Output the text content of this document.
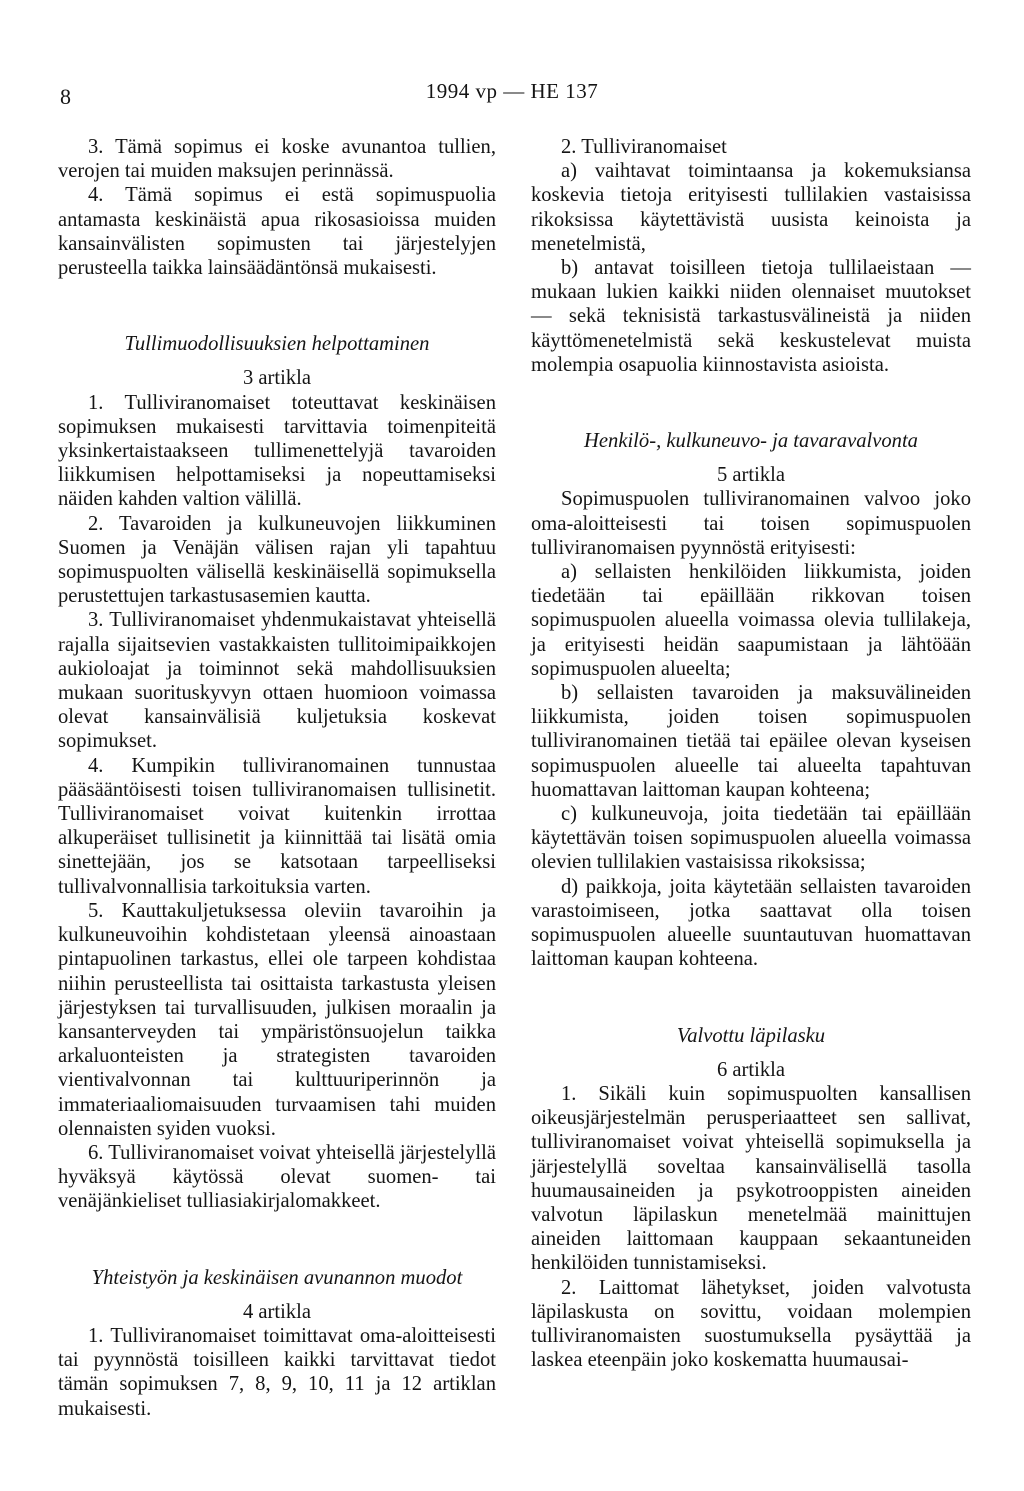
8	1994 vp — HE 137

3. Tämä sopimus ei koske avunantoa tullien, verojen tai muiden maksujen perinnässä.

4. Tämä sopimus ei estä sopimuspuolia antamasta keskinäistä apua rikosasioissa muiden kansainvälisten sopimusten tai järjestelyjen perusteella taikka lainsäädäntönsä mukaisesti.

Tullimuodollisuuksien helpottaminen

3 artikla

1. Tulliviranomaiset toteuttavat keskinäisen sopimuksen mukaisesti tarvittavia toimenpiteitä yksinkertaistaakseen tullimenettelyjä tavaroiden liikkumisen helpottamiseksi ja nopeuttamiseksi näiden kahden valtion välillä.

2. Tavaroiden ja kulkuneuvojen liikkuminen Suomen ja Venäjän välisen rajan yli tapahtuu sopimuspuolten välisellä keskinäisellä sopimuksella perustettujen tarkastusasemien kautta.

3. Tulliviranomaiset yhdenmukaistavat yhteisellä rajalla sijaitsevien vastakkaisten tullitoimipaikkojen aukioloajat ja toiminnot sekä mahdollisuuksien mukaan suorituskyvyn ottaen huomioon voimassa olevat kansainvälisiä kuljetuksia koskevat sopimukset.

4. Kumpikin tulliviranomainen tunnustaa pääsääntöisesti toisen tulliviranomaisen tullisinetit. Tulliviranomaiset voivat kuitenkin irrottaa alkuperäiset tullisinetit ja kiinnittää tai lisätä omia sinettejään, jos se katsotaan tarpeelliseksi tullivalvonnallisia tarkoituksia varten.

5. Kauttakuljetuksessa oleviin tavaroihin ja kulkuneuvoihin kohdistetaan yleensä ainoastaan pintapuolinen tarkastus, ellei ole tarpeen kohdistaa niihin perusteellista tai osittaista tarkastusta yleisen järjestyksen tai turvallisuuden, julkisen moraalin ja kansanterveyden tai ympäristönsuojelun taikka arkaluonteisten ja strategisten tavaroiden vientivalvonnan tai kulttuuriperinnön ja immateriaaliomaisuuden turvaamisen tahi muiden olennaisten syiden vuoksi.

6. Tulliviranomaiset voivat yhteisellä järjestelyllä hyväksyä käytössä olevat suomen- tai venäjänkieliset tulliasiakirjalomakkeet.

Yhteistyön ja keskinäisen avunannon muodot

4 artikla

1. Tulliviranomaiset toimittavat oma-aloitteisesti tai pyynnöstä toisilleen kaikki tarvittavat tiedot tämän sopimuksen 7, 8, 9, 10, 11 ja 12 artiklan mukaisesti.

2. Tulliviranomaiset

a) vaihtavat toimintaansa ja kokemuksiansa koskevia tietoja erityisesti tullilakien vastaisissa rikoksissa käytettävistä uusista keinoista ja menetelmistä,

b) antavat toisilleen tietoja tullilaeistaan — mukaan lukien kaikki niiden olennaiset muutokset — sekä teknisistä tarkastusvälineistä ja niiden käyttömenetelmistä sekä keskustelevat muista molempia osapuolia kiinnostavista asioista.

Henkilö-, kulkuneuvo- ja tavaravalvonta

5 artikla

Sopimuspuolen tulliviranomainen valvoo joko oma-aloitteisesti tai toisen sopimuspuolen tulliviranomaisen pyynnöstä erityisesti:

a) sellaisten henkilöiden liikkumista, joiden tiedetään tai epäillään rikkovan toisen sopimuspuolen alueella voimassa olevia tullilakeja, ja erityisesti heidän saapumistaan ja lähtöään sopimuspuolen alueelta;

b) sellaisten tavaroiden ja maksuvälineiden liikkumista, joiden toisen sopimuspuolen tulliviranomainen tietää tai epäilee olevan kyseisen sopimuspuolen alueelle tai alueelta tapahtuvan huomattavan laittoman kaupan kohteena;

c) kulkuneuvoja, joita tiedetään tai epäillään käytettävän toisen sopimuspuolen alueella voimassa olevien tullilakien vastaisissa rikoksissa;

d) paikkoja, joita käytetään sellaisten tavaroiden varastoimiseen, jotka saattavat olla toisen sopimuspuolen alueelle suuntautuvan huomattavan laittoman kaupan kohteena.

Valvottu läpilasku

6 artikla

1. Sikäli kuin sopimuspuolten kansallisen oikeusjärjestelmän perusperiaatteet sen sallivat, tulliviranomaiset voivat yhteisellä sopimuksella ja järjestelyllä soveltaa kansainvälisellä tasolla huumausaineiden ja psykotrooppisten aineiden valvotun läpilaskun menetelmää mainittujen aineiden laittomaan kauppaan sekaantuneiden henkilöiden tunnistamiseksi.

2. Laittomat lähetykset, joiden valvotusta läpilaskusta on sovittu, voidaan molempien tulliviranomaisten suostumuksella pysäyttää ja laskea eteenpäin joko koskematta huumausai-
